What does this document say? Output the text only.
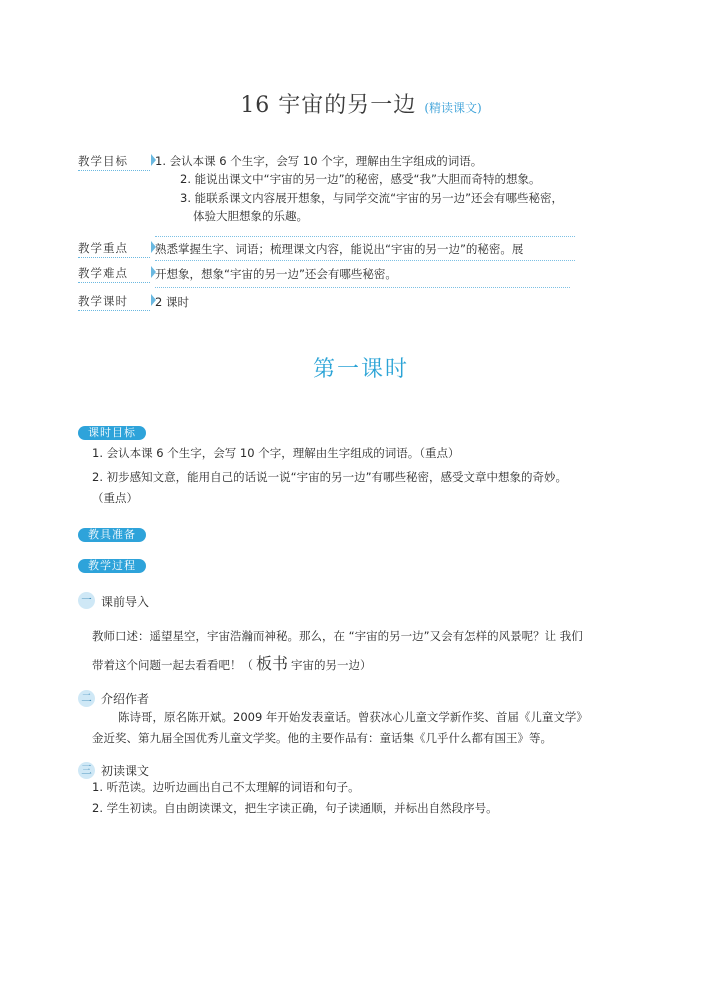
16 宇宙的另一边 (精读课文)
教学目标	1. 会认本课 6 个生字，会写 10 个字，理解由生字组成的词语。
2. 能说出课文中“宇宙的另一边”的秘密，感受“我”大胆而奇特的想象。
3. 能联系课文内容展开想象，与同学交流“宇宙的另一边”还会有哪些秘密，
体验大胆想象的乐趣。
教学重点	熟悉掌握生字、词语；梳理课文内容，能说出“宇宙的另一边”的秘密。展
教学难点	开想象，想象“宇宙的另一边”还会有哪些秘密。
教学课时	2 课时
第一课时
课时目标
1. 会认本课 6 个生字，会写 10 个字，理解由生字组成的词语。（重点）
2. 初步感知文意，能用自己的话说一说“宇宙的另一边”有哪些秘密，感受文章中想象的奇妙。
（重点）
教具准备
教学过程
一 课前导入
教师口述：遥望星空，宇宙浩瀚而神秘。那么，在 “宇宙的另一边”又会有怎样的风景呢？让 我们
带着这个问题一起去看看吧！（ 板书 宇宙的另一边）
二 介绍作者
陈诗哥，原名陈开斌。2009 年开始发表童话。曾获冰心儿童文学新作奖、首届《儿童文学》
金近奖、第九届全国优秀儿童文学奖。他的主要作品有：童话集《几乎什么都有国王》等。
三 初读课文
1. 听范读。边听边画出自己不太理解的词语和句子。
2. 学生初读。自由朗读课文，把生字读正确，句子读通顺，并标出自然段序号。
